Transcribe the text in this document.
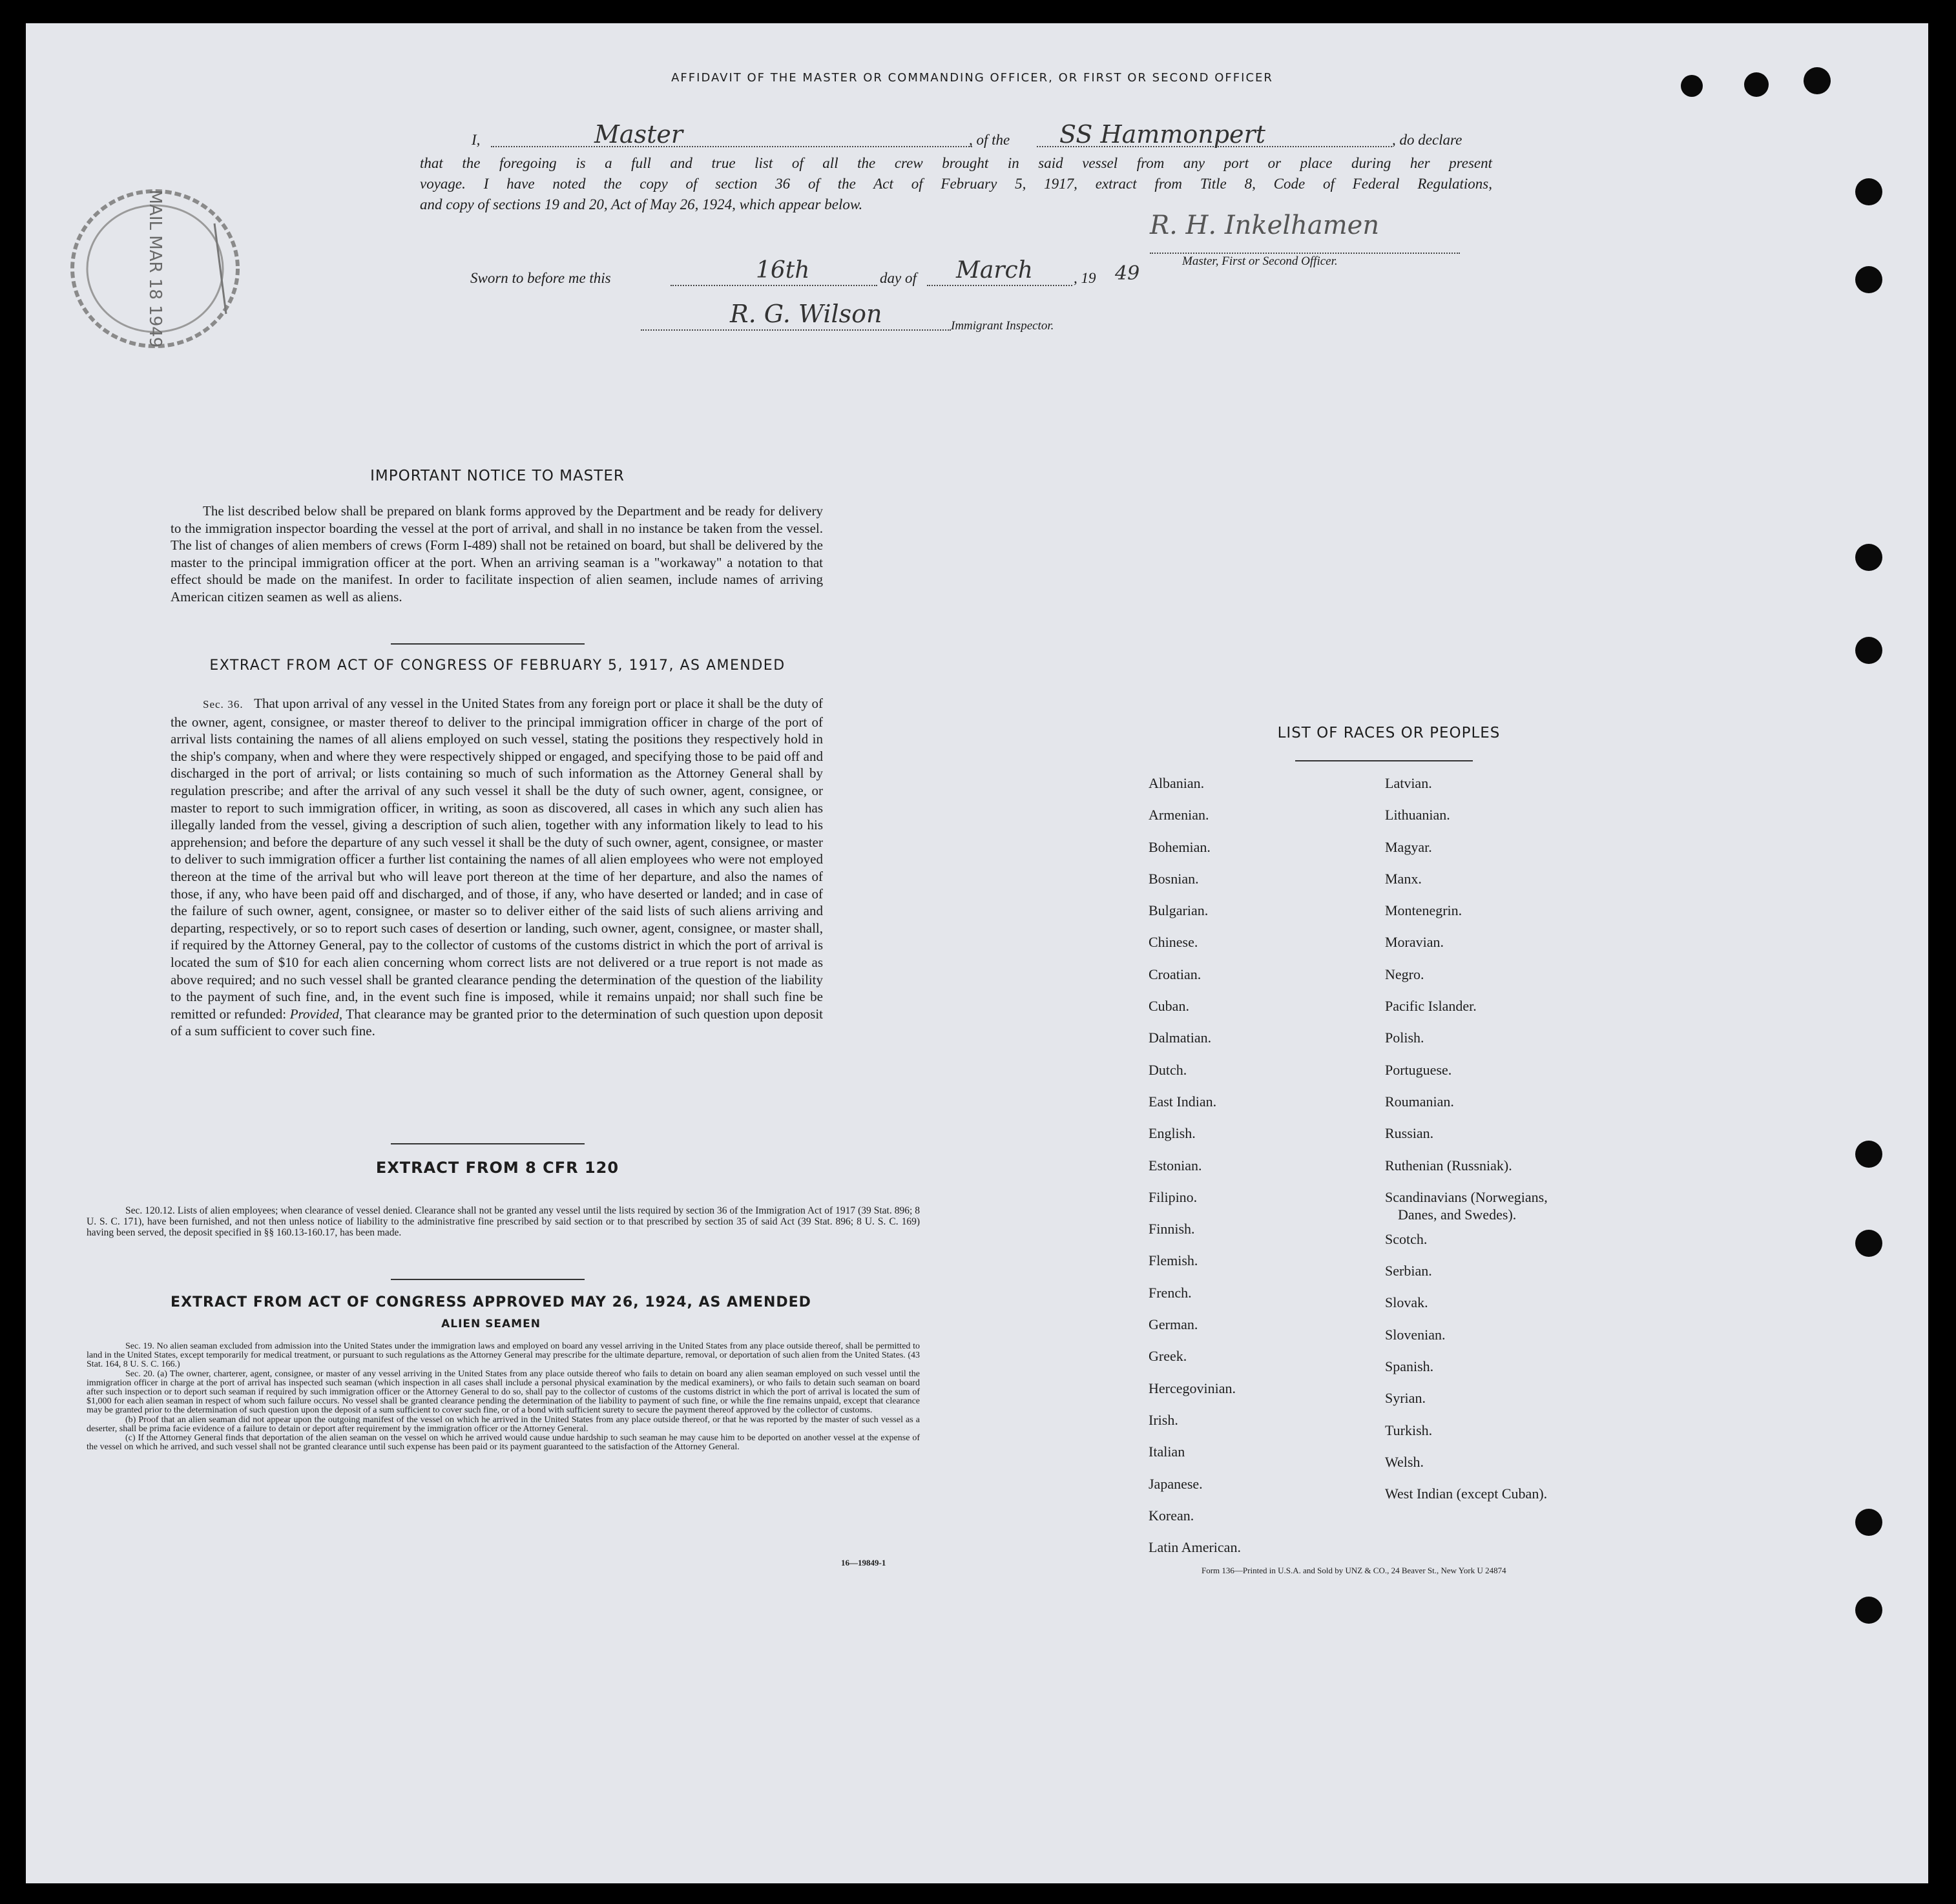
AFFIDAVIT OF THE MASTER OR COMMANDING OFFICER, OR FIRST OR SECOND OFFICER
I,	Master	, of the SS Hammonpert	, do declare
that the foregoing is a full and true list of all the crew brought in said vessel from any port or place during her present
voyage. I have noted the copy of section 36 of the Act of February 5, 1917, extract from Title 8, Code of Federal Regulations,
and copy of sections 19 and 20, Act of May 26, 1924, which appear below.
R. H. Inkelhamen
Master, First or Second Officer.
Sworn to before me this	16th	day of March	, 19 49
R. G. Wilson	Immigrant Inspector.
MAIL MAR 18 1949
IMPORTANT NOTICE TO MASTER
The list described below shall be prepared on blank forms approved by the Department and be ready for delivery to the immigration inspector boarding the vessel at the port of arrival, and shall in no instance be taken from the vessel. The list of changes of alien members of crews (Form I-489) shall not be retained on board, but shall be delivered by the master to the principal immigration officer at the port. When an arriving seaman is a "workaway" a notation to that effect should be made on the manifest. In order to facilitate inspection of alien seamen, include names of arriving American citizen seamen as well as aliens.
EXTRACT FROM ACT OF CONGRESS OF FEBRUARY 5, 1917, AS AMENDED
Sec. 36. That upon arrival of any vessel in the United States from any foreign port or place it shall be the duty of the owner, agent, consignee, or master thereof to deliver to the principal immigration officer in charge of the port of arrival lists containing the names of all aliens employed on such vessel, stating the positions they respectively hold in the ship's company, when and where they were respectively shipped or engaged, and specifying those to be paid off and discharged in the port of arrival; or lists containing so much of such information as the Attorney General shall by regulation prescribe; and after the arrival of any such vessel it shall be the duty of such owner, agent, consignee, or master to report to such immigration officer, in writing, as soon as discovered, all cases in which any such alien has illegally landed from the vessel, giving a description of such alien, together with any information likely to lead to his apprehension; and before the departure of any such vessel it shall be the duty of such owner, agent, consignee, or master to deliver to such immigration officer a further list containing the names of all alien employees who were not employed thereon at the time of the arrival but who will leave port thereon at the time of her departure, and also the names of those, if any, who have been paid off and discharged, and of those, if any, who have deserted or landed; and in case of the failure of such owner, agent, consignee, or master so to deliver either of the said lists of such aliens arriving and departing, respectively, or so to report such cases of desertion or landing, such owner, agent, consignee, or master shall, if required by the Attorney General, pay to the collector of customs of the customs district in which the port of arrival is located the sum of $10 for each alien concerning whom correct lists are not delivered or a true report is not made as above required; and no such vessel shall be granted clearance pending the determination of the question of the liability to the payment of such fine, and, in the event such fine is imposed, while it remains unpaid; nor shall such fine be remitted or refunded: Provided, That clearance may be granted prior to the determination of such question upon deposit of a sum sufficient to cover such fine.
EXTRACT FROM 8 CFR 120
Sec. 120.12. Lists of alien employees; when clearance of vessel denied. Clearance shall not be granted any vessel until the lists required by section 36 of the Immigration Act of 1917 (39 Stat. 896; 8 U. S. C. 171), have been furnished, and not then unless notice of liability to the administrative fine prescribed by said section or to that prescribed by section 35 of said Act (39 Stat. 896; 8 U. S. C. 169) having been served, the deposit specified in §§ 160.13-160.17, has been made.
EXTRACT FROM ACT OF CONGRESS APPROVED MAY 26, 1924, AS AMENDED
ALIEN SEAMEN
Sec. 19. No alien seaman excluded from admission into the United States under the immigration laws and employed on board any vessel arriving in the United States from any place outside thereof, shall be permitted to land in the United States, except temporarily for medical treatment, or pursuant to such regulations as the Attorney General may prescribe for the ultimate departure, removal, or deportation of such alien from the United States. (43 Stat. 164, 8 U. S. C. 166.)
Sec. 20. (a) The owner, charterer, agent, consignee, or master of any vessel arriving in the United States from any place outside thereof who fails to detain on board any alien seaman employed on such vessel until the immigration officer in charge at the port of arrival has inspected such seaman (which inspection in all cases shall include a personal physical examination by the medical examiners), or who fails to detain such seaman on board after such inspection or to deport such seaman if required by such immigration officer or the Attorney General to do so, shall pay to the collector of customs of the customs district in which the port of arrival is located the sum of $1,000 for each alien seaman in respect of whom such failure occurs. No vessel shall be granted clearance pending the determination of the liability to payment of such fine, or while the fine remains unpaid, except that clearance may be granted prior to the determination of such question upon the deposit of a sum sufficient to cover such fine, or of a bond with sufficient surety to secure the payment thereof approved by the collector of customs.
(b) Proof that an alien seaman did not appear upon the outgoing manifest of the vessel on which he arrived in the United States from any place outside thereof, or that he was reported by the master of such vessel as a deserter, shall be prima facie evidence of a failure to detain or deport after requirement by the immigration officer or the Attorney General.
(c) If the Attorney General finds that deportation of the alien seaman on the vessel on which he arrived would cause undue hardship to such seaman he may cause him to be deported on another vessel at the expense of the vessel on which he arrived, and such vessel shall not be granted clearance until such expense has been paid or its payment guaranteed to the satisfaction of the Attorney General.
16—19849-1
LIST OF RACES OR PEOPLES
Albanian.
Armenian.
Bohemian.
Bosnian.
Bulgarian.
Chinese.
Croatian.
Cuban.
Dalmatian.
Dutch.
East Indian.
English.
Estonian.
Filipino.
Finnish.
Flemish.
French.
German.
Greek.
Hercegovinian.
Irish.
Italian
Japanese.
Korean.
Latin American.
Latvian.
Lithuanian.
Magyar.
Manx.
Montenegrin.
Moravian.
Negro.
Pacific Islander.
Polish.
Portuguese.
Roumanian.
Russian.
Ruthenian (Russniak).
Scandinavians (Norwegians,
Danes, and Swedes).
Scotch.
Serbian.
Slovak.
Slovenian.
Spanish.
Syrian.
Turkish.
Welsh.
West Indian (except Cuban).
Form 136—Printed in U.S.A. and Sold by UNZ & CO., 24 Beaver St., New York U 24874
